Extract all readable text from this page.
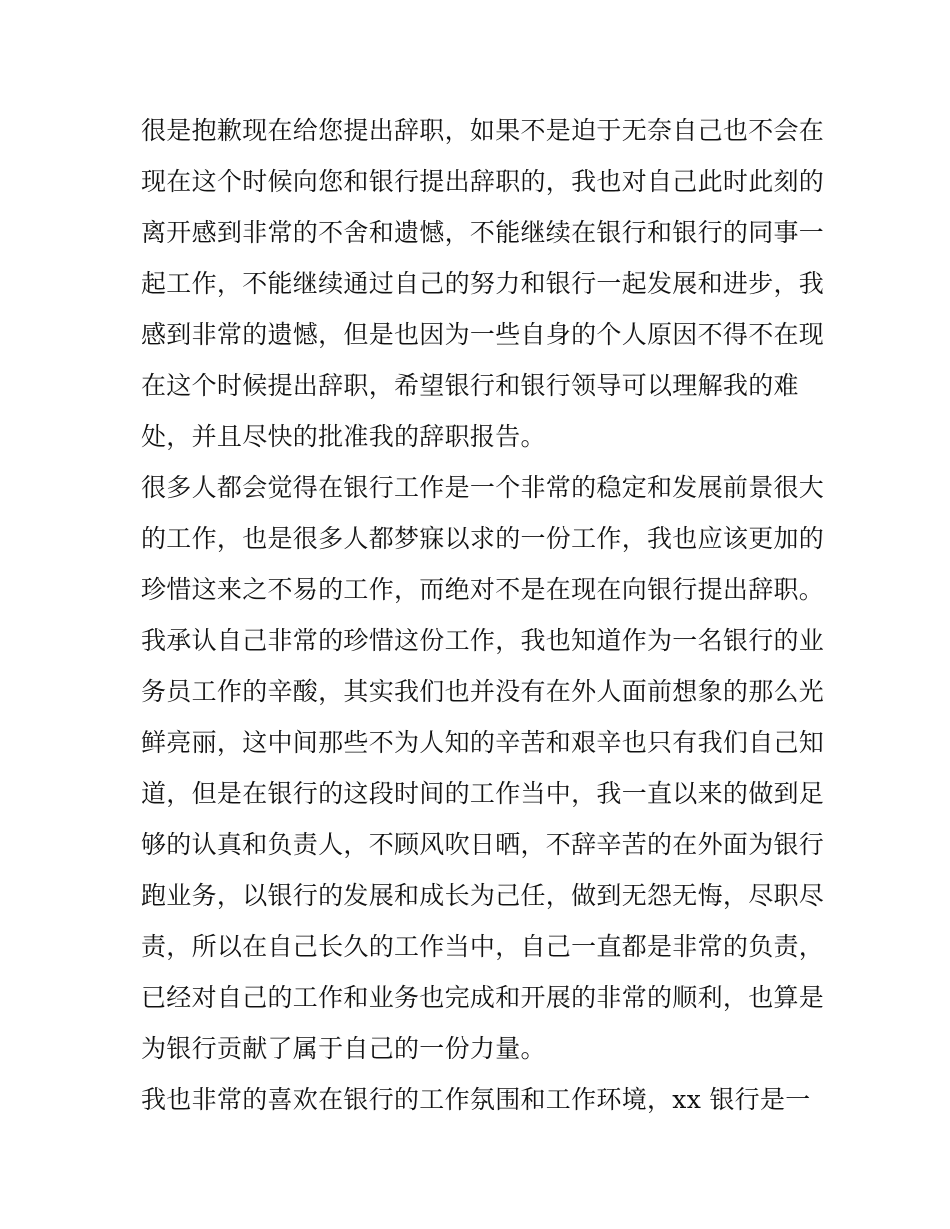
很是抱歉现在给您提出辞职，如果不是迫于无奈自己也不会在
现在这个时候向您和银行提出辞职的，我也对自己此时此刻的
离开感到非常的不舍和遗憾，不能继续在银行和银行的同事一
起工作，不能继续通过自己的努力和银行一起发展和进步，我
感到非常的遗憾，但是也因为一些自身的个人原因不得不在现
在这个时候提出辞职，希望银行和银行领导可以理解我的难
处，并且尽快的批准我的辞职报告。
很多人都会觉得在银行工作是一个非常的稳定和发展前景很大
的工作，也是很多人都梦寐以求的一份工作，我也应该更加的
珍惜这来之不易的工作，而绝对不是在现在向银行提出辞职。
我承认自己非常的珍惜这份工作，我也知道作为一名银行的业
务员工作的辛酸，其实我们也并没有在外人面前想象的那么光
鲜亮丽，这中间那些不为人知的辛苦和艰辛也只有我们自己知
道，但是在银行的这段时间的工作当中，我一直以来的做到足
够的认真和负责人，不顾风吹日晒，不辞辛苦的在外面为银行
跑业务，以银行的发展和成长为己任，做到无怨无悔，尽职尽
责，所以在自己长久的工作当中，自己一直都是非常的负责，
已经对自己的工作和业务也完成和开展的非常的顺利，也算是
为银行贡献了属于自己的一份力量。
我也非常的喜欢在银行的工作氛围和工作环境，xx 银行是一
